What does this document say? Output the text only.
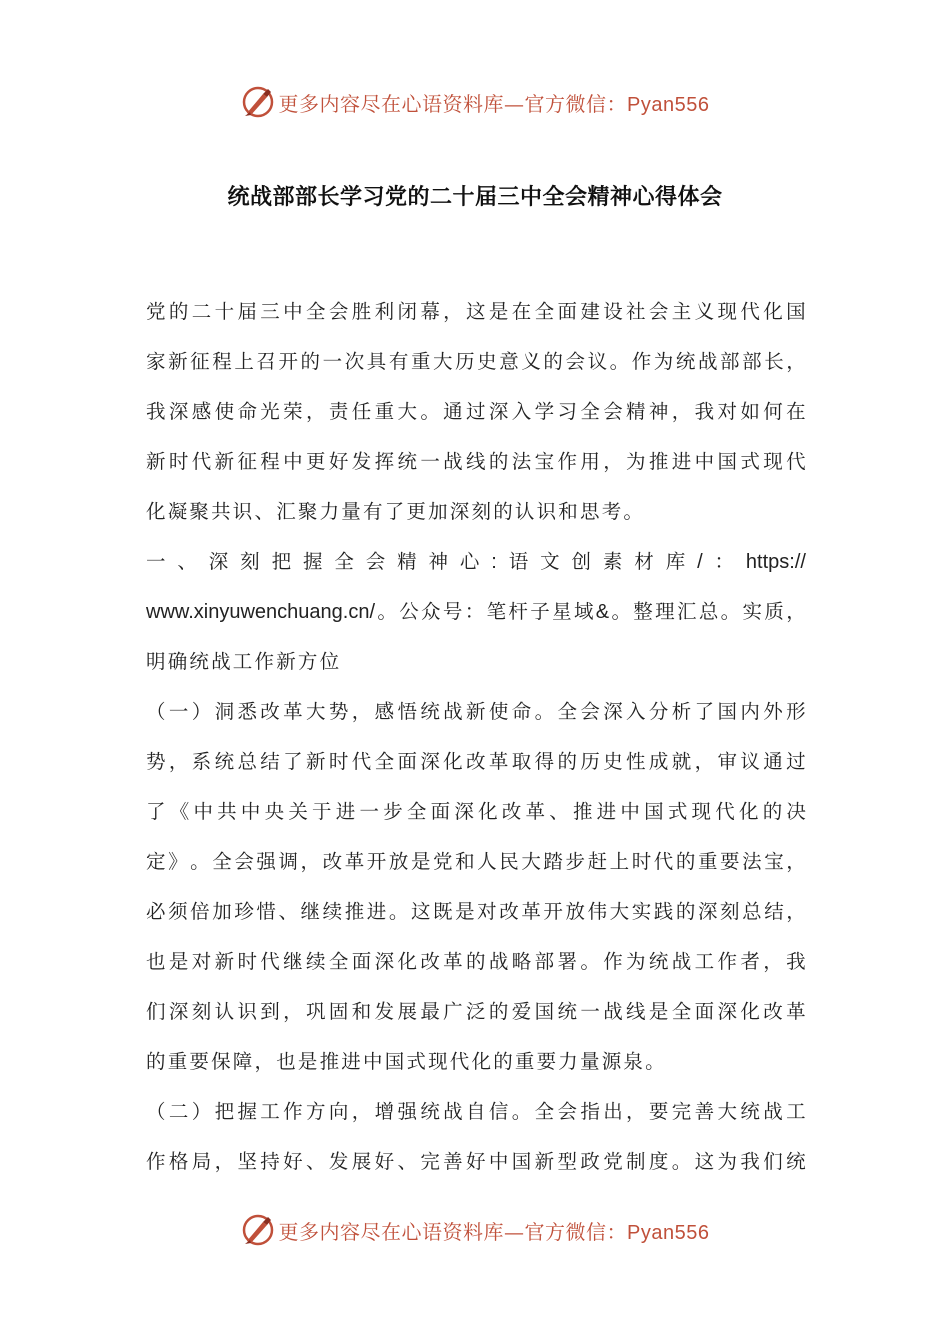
更多内容尽在心语资料库—官方微信：Pyan556
统战部部长学习党的二十届三中全会精神心得体会
党 的 二 十 届 三 中 全 会 胜 利 闭 幕 ， 这 是 在 全 面 建 设 社 会 主 义 现 代 化 国
家 新 征 程 上 召 开 的 一 次 具 有 重 大 历 史 意 义 的 会 议 。 作 为 统 战 部 部 长 ，
我 深 感 使 命 光 荣 ， 责 任 重 大 。 通 过 深 入 学 习 全 会 精 神 ， 我 对 如 何 在
新 时 代 新 征 程 中 更 好 发 挥 统 一 战 线 的 法 宝 作 用 ， 为 推 进 中 国 式 现 代
化凝聚共识、汇聚力量有了更加深刻的认识和思考。
一 、 深 刻 把 握 全 会 精 神 心 : 语 文 创 素 材 库 / ： https://
www.xinyuwenchuang.cn/ 。 公 众 号 ： 笔 杆 子 星 域 & 。 整 理 汇 总 。 实 质 ，
明确统战工作新方位
（ 一 ） 洞 悉 改 革 大 势 ， 感 悟 统 战 新 使 命 。 全 会 深 入 分 析 了 国 内 外 形
势 ， 系 统 总 结 了 新 时 代 全 面 深 化 改 革 取 得 的 历 史 性 成 就 ， 审 议 通 过
了 《 中 共 中 央 关 于 进 一 步 全 面 深 化 改 革 、 推 进 中 国 式 现 代 化 的 决
定 》 。 全 会 强 调 ， 改 革 开 放 是 党 和 人 民 大 踏 步 赶 上 时 代 的 重 要 法 宝 ，
必 须 倍 加 珍 惜 、 继 续 推 进 。 这 既 是 对 改 革 开 放 伟 大 实 践 的 深 刻 总 结 ，
也 是 对 新 时 代 继 续 全 面 深 化 改 革 的 战 略 部 署 。 作 为 统 战 工 作 者 ， 我
们 深 刻 认 识 到 ， 巩 固 和 发 展 最 广 泛 的 爱 国 统 一 战 线 是 全 面 深 化 改 革
的重要保障，也是推进中国式现代化的重要力量源泉。
（ 二 ） 把 握 工 作 方 向 ， 增 强 统 战 自 信 。 全 会 指 出 ， 要 完 善 大 统 战 工
作 格 局 ， 坚 持 好 、 发 展 好 、 完 善 好 中 国 新 型 政 党 制 度 。 这 为 我 们 统
更多内容尽在心语资料库—官方微信：Pyan556
